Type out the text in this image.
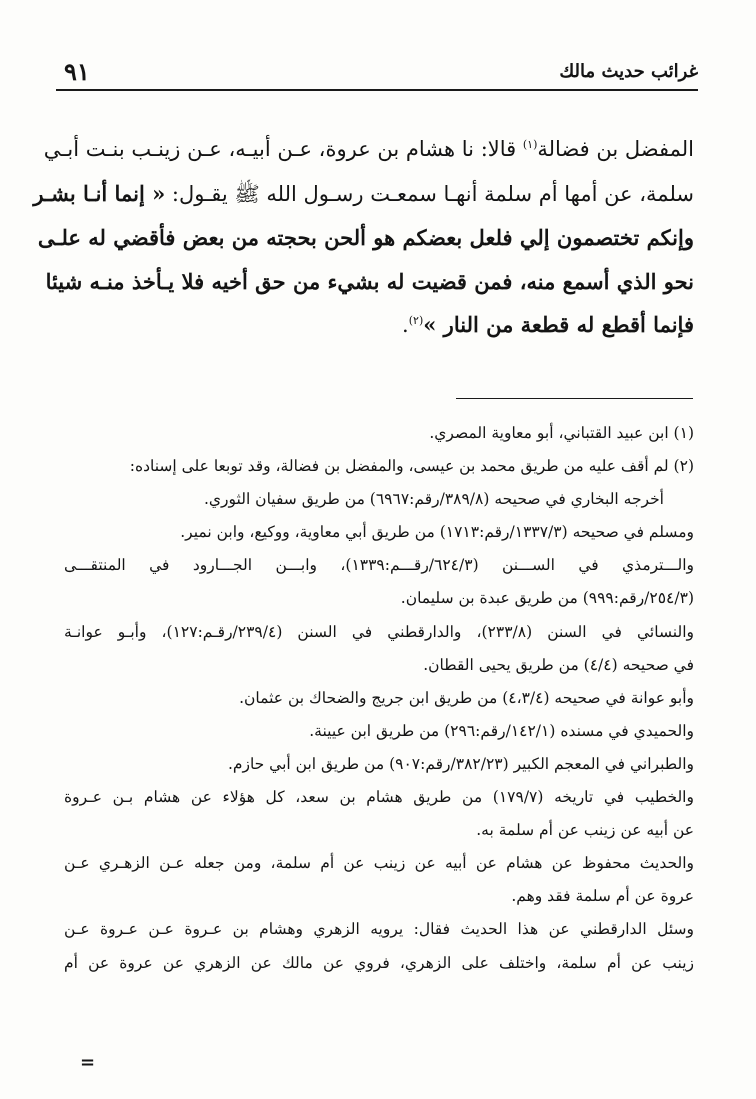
غرائب حديث مالك
٩١
المفضل بن فضالة$^{(١)}$ قالا: نا هشام بن عروة، عـن أبيـه، عـن زينـب بنـت أبـي
سلمة، عن أمها أم سلمة أنهـا سمعـت رسـول الله ﷺ يقـول: « إنما أنـا بشـر
وإنكم تختصمون إلي فلعل بعضكم هو ألحن بحجته من بعض فأقضي له علـى
نحو الذي أسمع منه، فمن قضيت له بشيء من حق أخيه فلا يـأخذ منـه شيئا
فإنما أقطع له قطعة من النار »$^{(٢)}$.
(١) ابن عبيد القتباني، أبو معاوية المصري.
(٢) لم أقف عليه من طريق محمد بن عيسى، والمفضل بن فضالة، وقد توبعا على إسناده:
أخرجه البخاري في صحيحه (٣٨٩/٨/رقم:٦٩٦٧) من طريق سفيان الثوري.
ومسلم في صحيحه (١٣٣٧/٣/رقم:١٧١٣) من طريق أبي معاوية، ووكيع، وابن نمير.
والـــترمذي في الســـنن (٦٢٤/٣/رقـــم:١٣٣٩)، وابـــن الجـــارود في المنتقـــى
(٢٥٤/٣/رقم:٩٩٩) من طريق عبدة بن سليمان.
والنسائي في السنن (٢٣٣/٨)، والدارقطني في السنن (٢٣٩/٤/رقـم:١٢٧)، وأبـو عوانـة
في صحيحه (٤/٤) من طريق يحيى القطان.
وأبو عوانة في صحيحه (٤،٣/٤) من طريق ابن جريج والضحاك بن عثمان.
والحميدي في مسنده (١٤٢/١/رقم:٢٩٦) من طريق ابن عيينة.
والطبراني في المعجم الكبير (٣٨٢/٢٣/رقم:٩٠٧) من طريق ابن أبي حازم.
والخطيب في تاريخه (١٧٩/٧) من طريق هشام بن سعد، كل هؤلاء عن هشام بـن عـروة
عن أبيه عن زينب عن أم سلمة به.
والحديث محفوظ عن هشام عن أبيه عن زينب عن أم سلمة، ومن جعله عـن الزهـري عـن
عروة عن أم سلمة فقد وهم.
وسئل الدارقطني عن هذا الحديث فقال: يرويه الزهري وهشام بن عـروة عـن عـروة عـن
زينب عن أم سلمة، واختلف على الزهري، فروي عن مالك عن الزهري عن عروة عن أم
=
